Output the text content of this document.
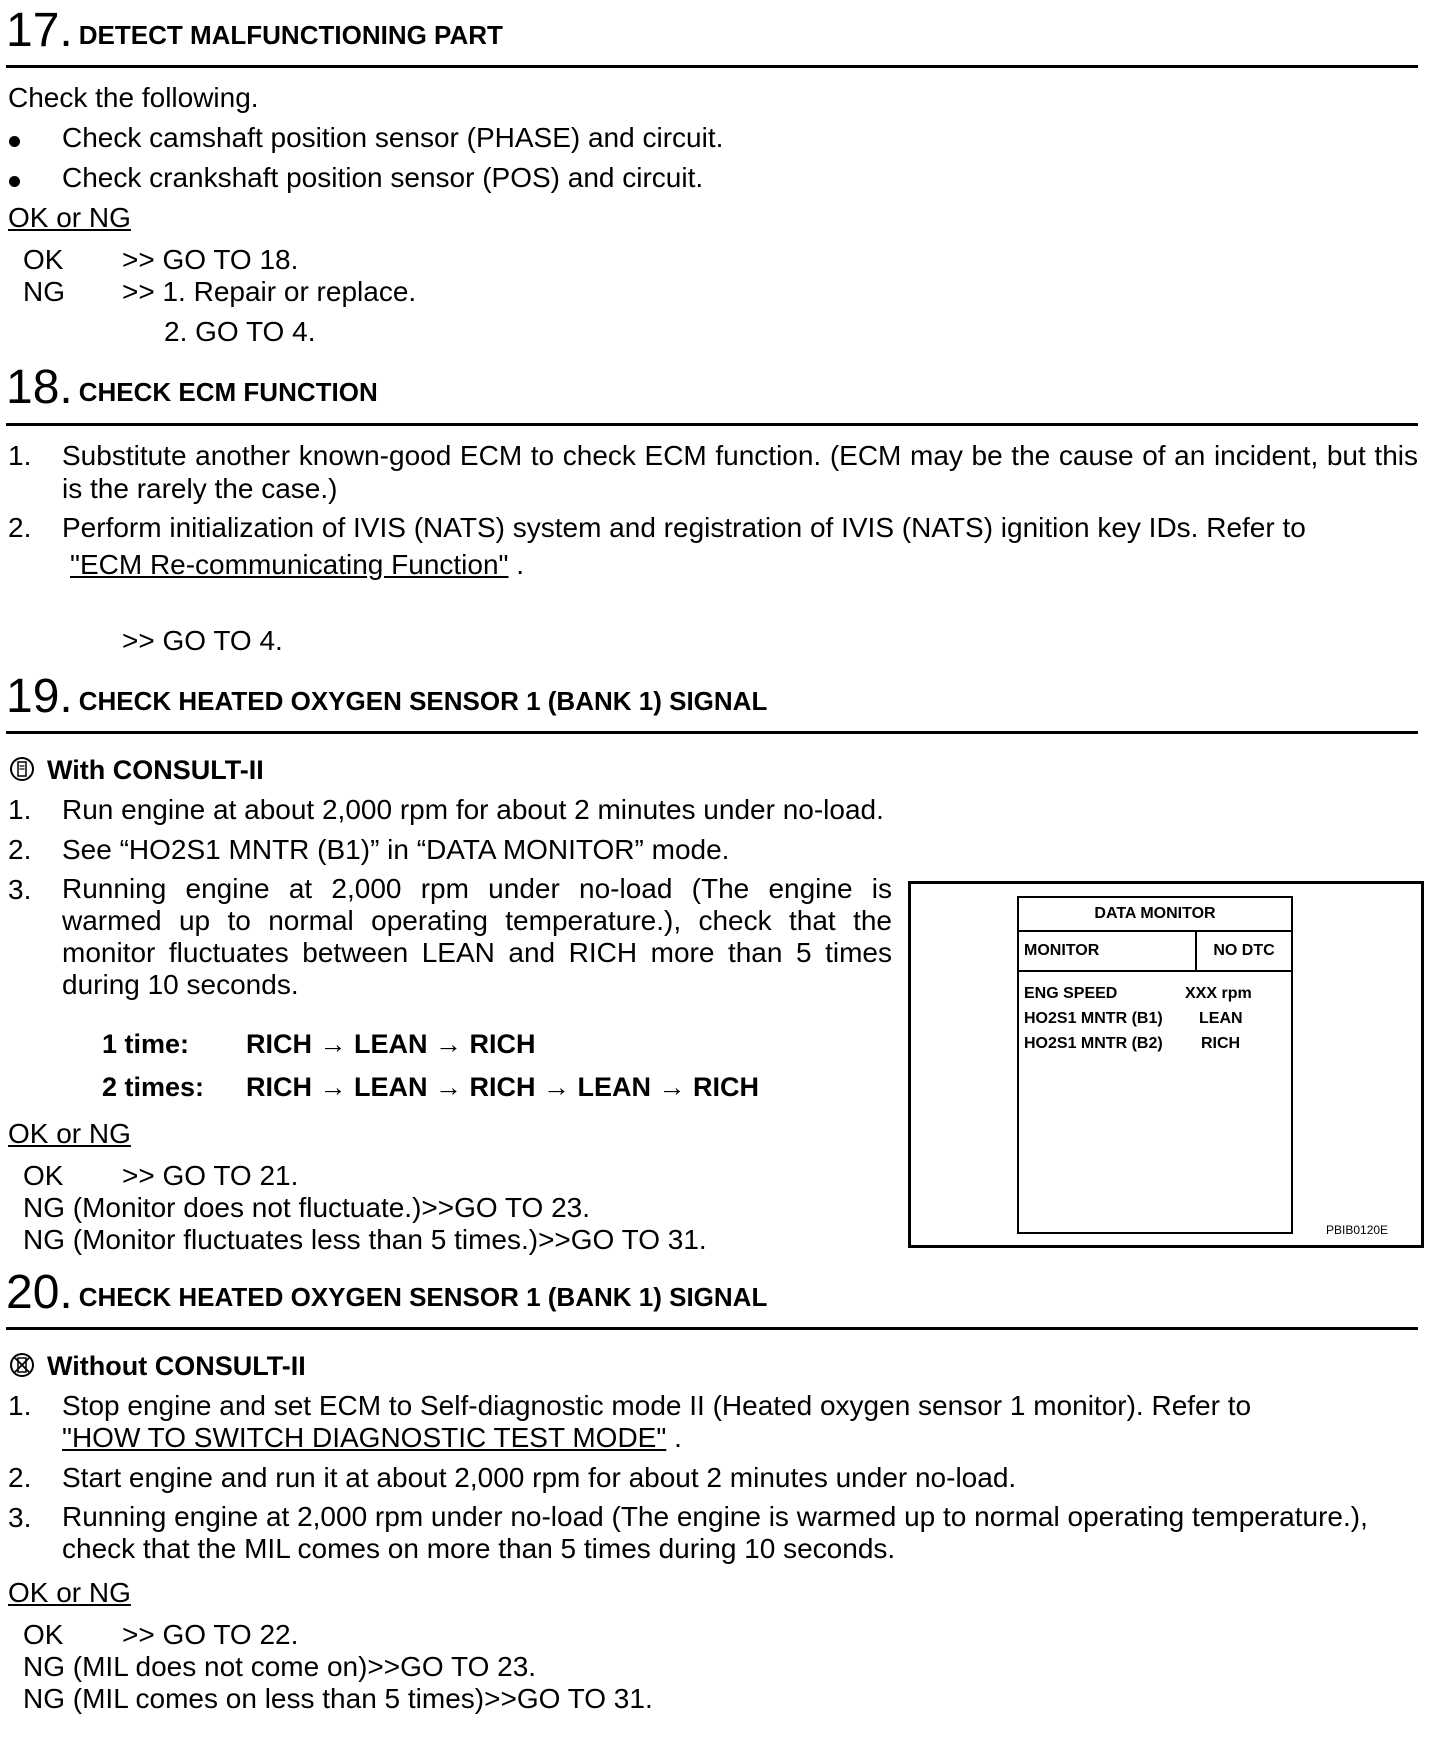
17. DETECT MALFUNCTIONING PART
Check the following.
Check camshaft position sensor (PHASE) and circuit.
Check crankshaft position sensor (POS) and circuit.
OK or NG
OK >> GO TO 18.
NG >> 1. Repair or replace.
2. GO TO 4.
18. CHECK ECM FUNCTION
1. Substitute another known-good ECM to check ECM function. (ECM may be the cause of an incident, but this is the rarely the case.)
2. Perform initialization of IVIS (NATS) system and registration of IVIS (NATS) ignition key IDs. Refer to
"ECM Re-communicating Function" .
>> GO TO 4.
19. CHECK HEATED OXYGEN SENSOR 1 (BANK 1) SIGNAL
With CONSULT-II
1. Run engine at about 2,000 rpm for about 2 minutes under no-load.
2. See “HO2S1 MNTR (B1)” in “DATA MONITOR” mode.
3. Running engine at 2,000 rpm under no-load (The engine is warmed up to normal operating temperature.), check that the monitor fluctuates between LEAN and RICH more than 5 times during 10 seconds.
1 time: RICH → LEAN → RICH
2 times: RICH → LEAN → RICH → LEAN → RICH
OK or NG
OK >> GO TO 21.
NG (Monitor does not fluctuate.)>>GO TO 23.
NG (Monitor fluctuates less than 5 times.)>>GO TO 31.
DATA MONITOR
MONITOR	NO DTC
ENG SPEED	XXX rpm
HO2S1 MNTR (B1) LEAN
HO2S1 MNTR (B2) RICH
PBIB0120E
20. CHECK HEATED OXYGEN SENSOR 1 (BANK 1) SIGNAL
Without CONSULT-II
1. Stop engine and set ECM to Self-diagnostic mode II (Heated oxygen sensor 1 monitor). Refer to
"HOW TO SWITCH DIAGNOSTIC TEST MODE" .
2. Start engine and run it at about 2,000 rpm for about 2 minutes under no-load.
3. Running engine at 2,000 rpm under no-load (The engine is warmed up to normal operating temperature.), check that the MIL comes on more than 5 times during 10 seconds.
OK or NG
OK >> GO TO 22.
NG (MIL does not come on)>>GO TO 23.
NG (MIL comes on less than 5 times)>>GO TO 31.
